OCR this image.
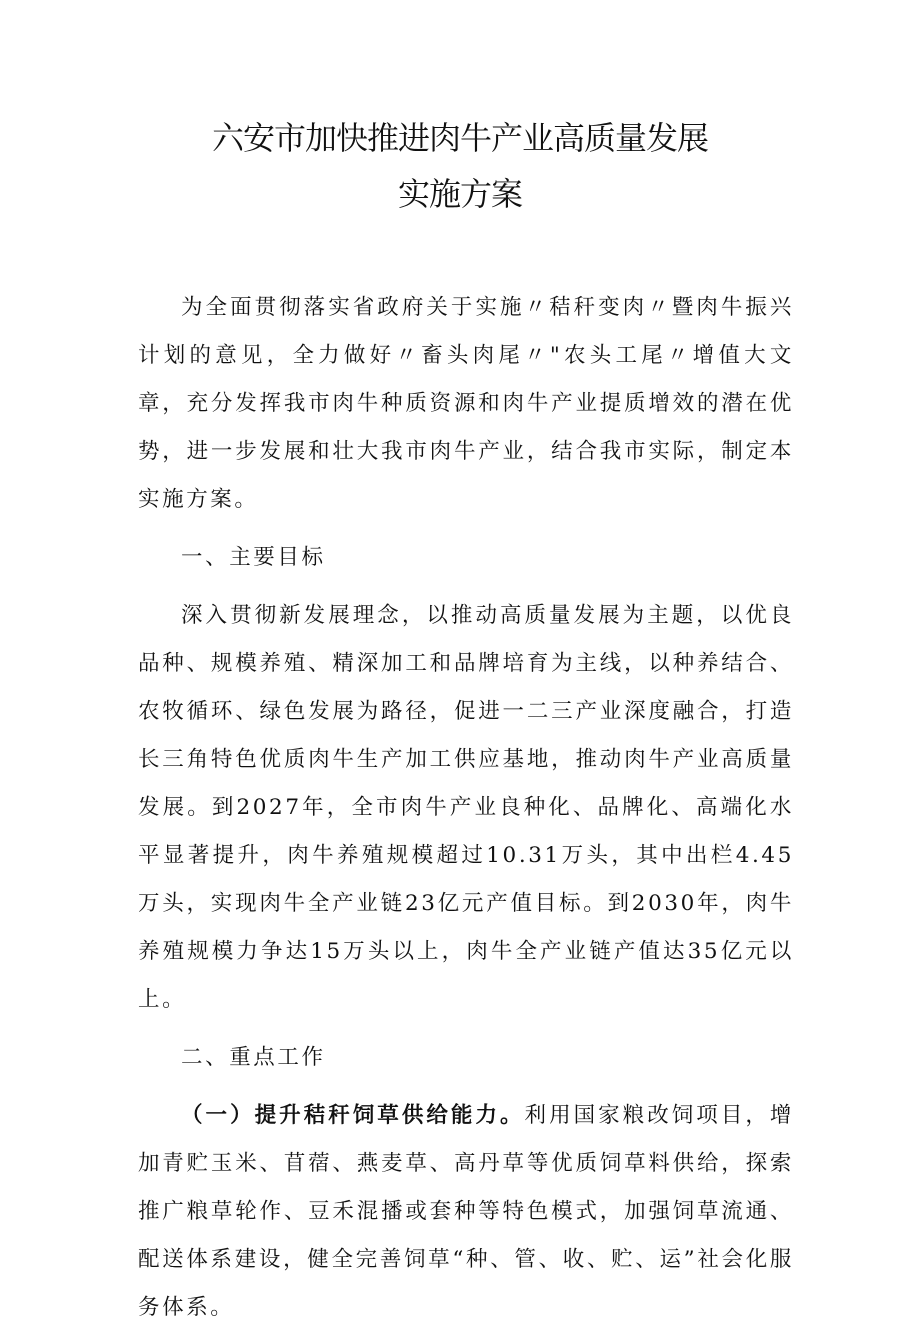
六安市加快推进肉牛产业高质量发展
实施方案

为全面贯彻落实省政府关于实施〃秸秆变肉〃暨肉牛振兴计划的意见，全力做好〃畜头肉尾〃"农头工尾〃增值大文章，充分发挥我市肉牛种质资源和肉牛产业提质增效的潜在优势，进一步发展和壮大我市肉牛产业，结合我市实际，制定本实施方案。

一、主要目标

深入贯彻新发展理念，以推动高质量发展为主题，以优良品种、规模养殖、精深加工和品牌培育为主线，以种养结合、农牧循环、绿色发展为路径，促进一二三产业深度融合，打造长三角特色优质肉牛生产加工供应基地，推动肉牛产业高质量发展。到2027年，全市肉牛产业良种化、品牌化、高端化水平显著提升，肉牛养殖规模超过10.31万头，其中出栏4.45万头，实现肉牛全产业链23亿元产值目标。到2030年，肉牛养殖规模力争达15万头以上，肉牛全产业链产值达35亿元以上。

二、重点工作

（一）提升秸秆饲草供给能力。利用国家粮改饲项目，增加青贮玉米、苜蓿、燕麦草、高丹草等优质饲草料供给，探索推广粮草轮作、豆禾混播或套种等特色模式，加强饲草流通、配送体系建设，健全完善饲草“种、管、收、贮、运”社会化服务体系。
